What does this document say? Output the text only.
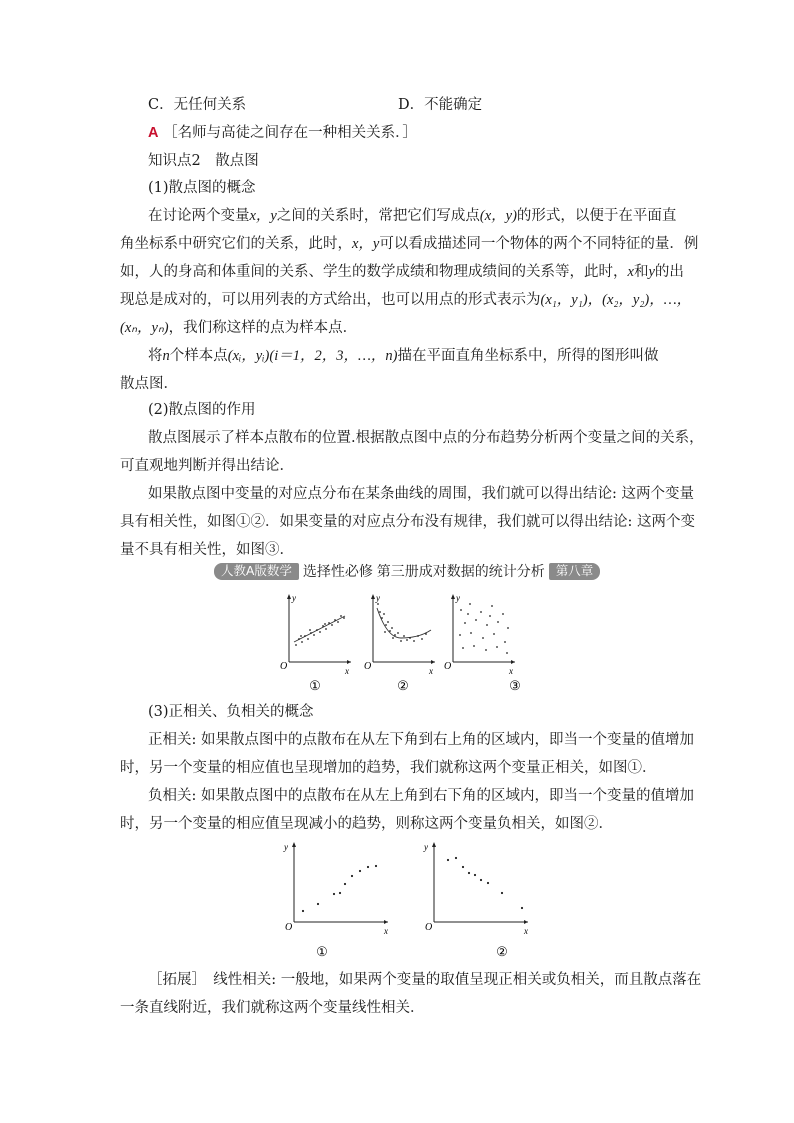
C．无任何关系	D．不能确定
A ［名师与高徒之间存在一种相关关系．］
知识点2　散点图
(1)散点图的概念
在讨论两个变量x，y之间的关系时，常把它们写成点(x，y)的形式，以便于在平面直
角坐标系中研究它们的关系，此时，x，y可以看成描述同一个物体的两个不同特征的量．例
如，人的身高和体重间的关系、学生的数学成绩和物理成绩间的关系等，此时，x和y的出
现总是成对的，可以用列表的方式给出，也可以用点的形式表示为(x₁，y₁)，(x₂，y₂)，…，
(xₙ，yₙ)，我们称这样的点为样本点．
将n个样本点(xᵢ，yᵢ)(i＝1，2，3，…，n)描在平面直角坐标系中，所得的图形叫做
散点图．
(2)散点图的作用
散点图展示了样本点散布的位置.根据散点图中点的分布趋势分析两个变量之间的关系，
可直观地判断并得出结论．
如果散点图中变量的对应点分布在某条曲线的周围，我们就可以得出结论: 这两个变量
具有相关性，如图①②．如果变量的对应点分布没有规律，我们就可以得出结论: 这两个变
量不具有相关性，如图③．
人教A版数学 选择性必修 第三册成对数据的统计分析 第八章
y
x
O
①
y
x
O
②
y
x
O
③
(3)正相关、负相关的概念
正相关: 如果散点图中的点散布在从左下角到右上角的区域内，即当一个变量的值增加
时，另一个变量的相应值也呈现增加的趋势，我们就称这两个变量正相关，如图①．
负相关: 如果散点图中的点散布在从左上角到右下角的区域内，即当一个变量的值增加
时，另一个变量的相应值呈现减小的趋势，则称这两个变量负相关，如图②．
y
x
O
①
y
x
O
②
［拓展］　线性相关: 一般地，如果两个变量的取值呈现正相关或负相关，而且散点落在
一条直线附近，我们就称这两个变量线性相关．
